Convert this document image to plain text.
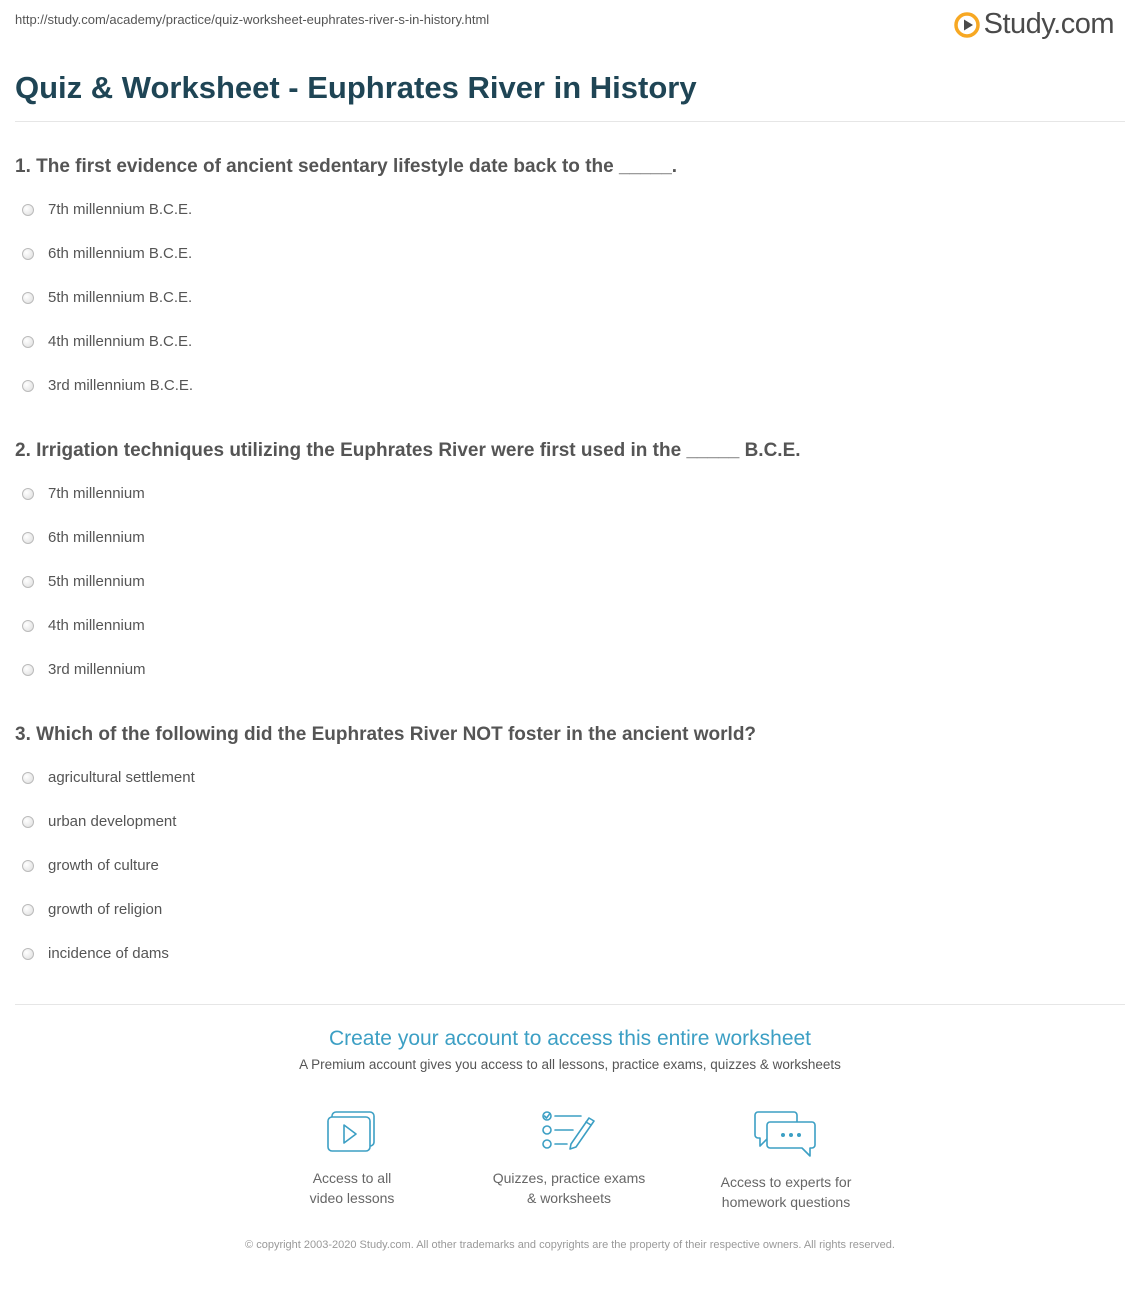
http://study.com/academy/practice/quiz-worksheet-euphrates-river-s-in-history.html	Study.com
Quiz & Worksheet - Euphrates River in History

1. The first evidence of ancient sedentary lifestyle date back to the _____.

7th millennium B.C.E.
6th millennium B.C.E.
5th millennium B.C.E.
4th millennium B.C.E.
3rd millennium B.C.E.

2. Irrigation techniques utilizing the Euphrates River were first used in the _____ B.C.E.

7th millennium
6th millennium
5th millennium
4th millennium
3rd millennium

3. Which of the following did the Euphrates River NOT foster in the ancient world?

agricultural settlement
urban development
growth of culture
growth of religion
incidence of dams
Create your account to access this entire worksheet
A Premium account gives you access to all lessons, practice exams, quizzes & worksheets
Access to all
video lessons
Quizzes, practice exams
& worksheets
Access to experts for
homework questions
© copyright 2003-2020 Study.com. All other trademarks and copyrights are the property of their respective owners. All rights reserved.
